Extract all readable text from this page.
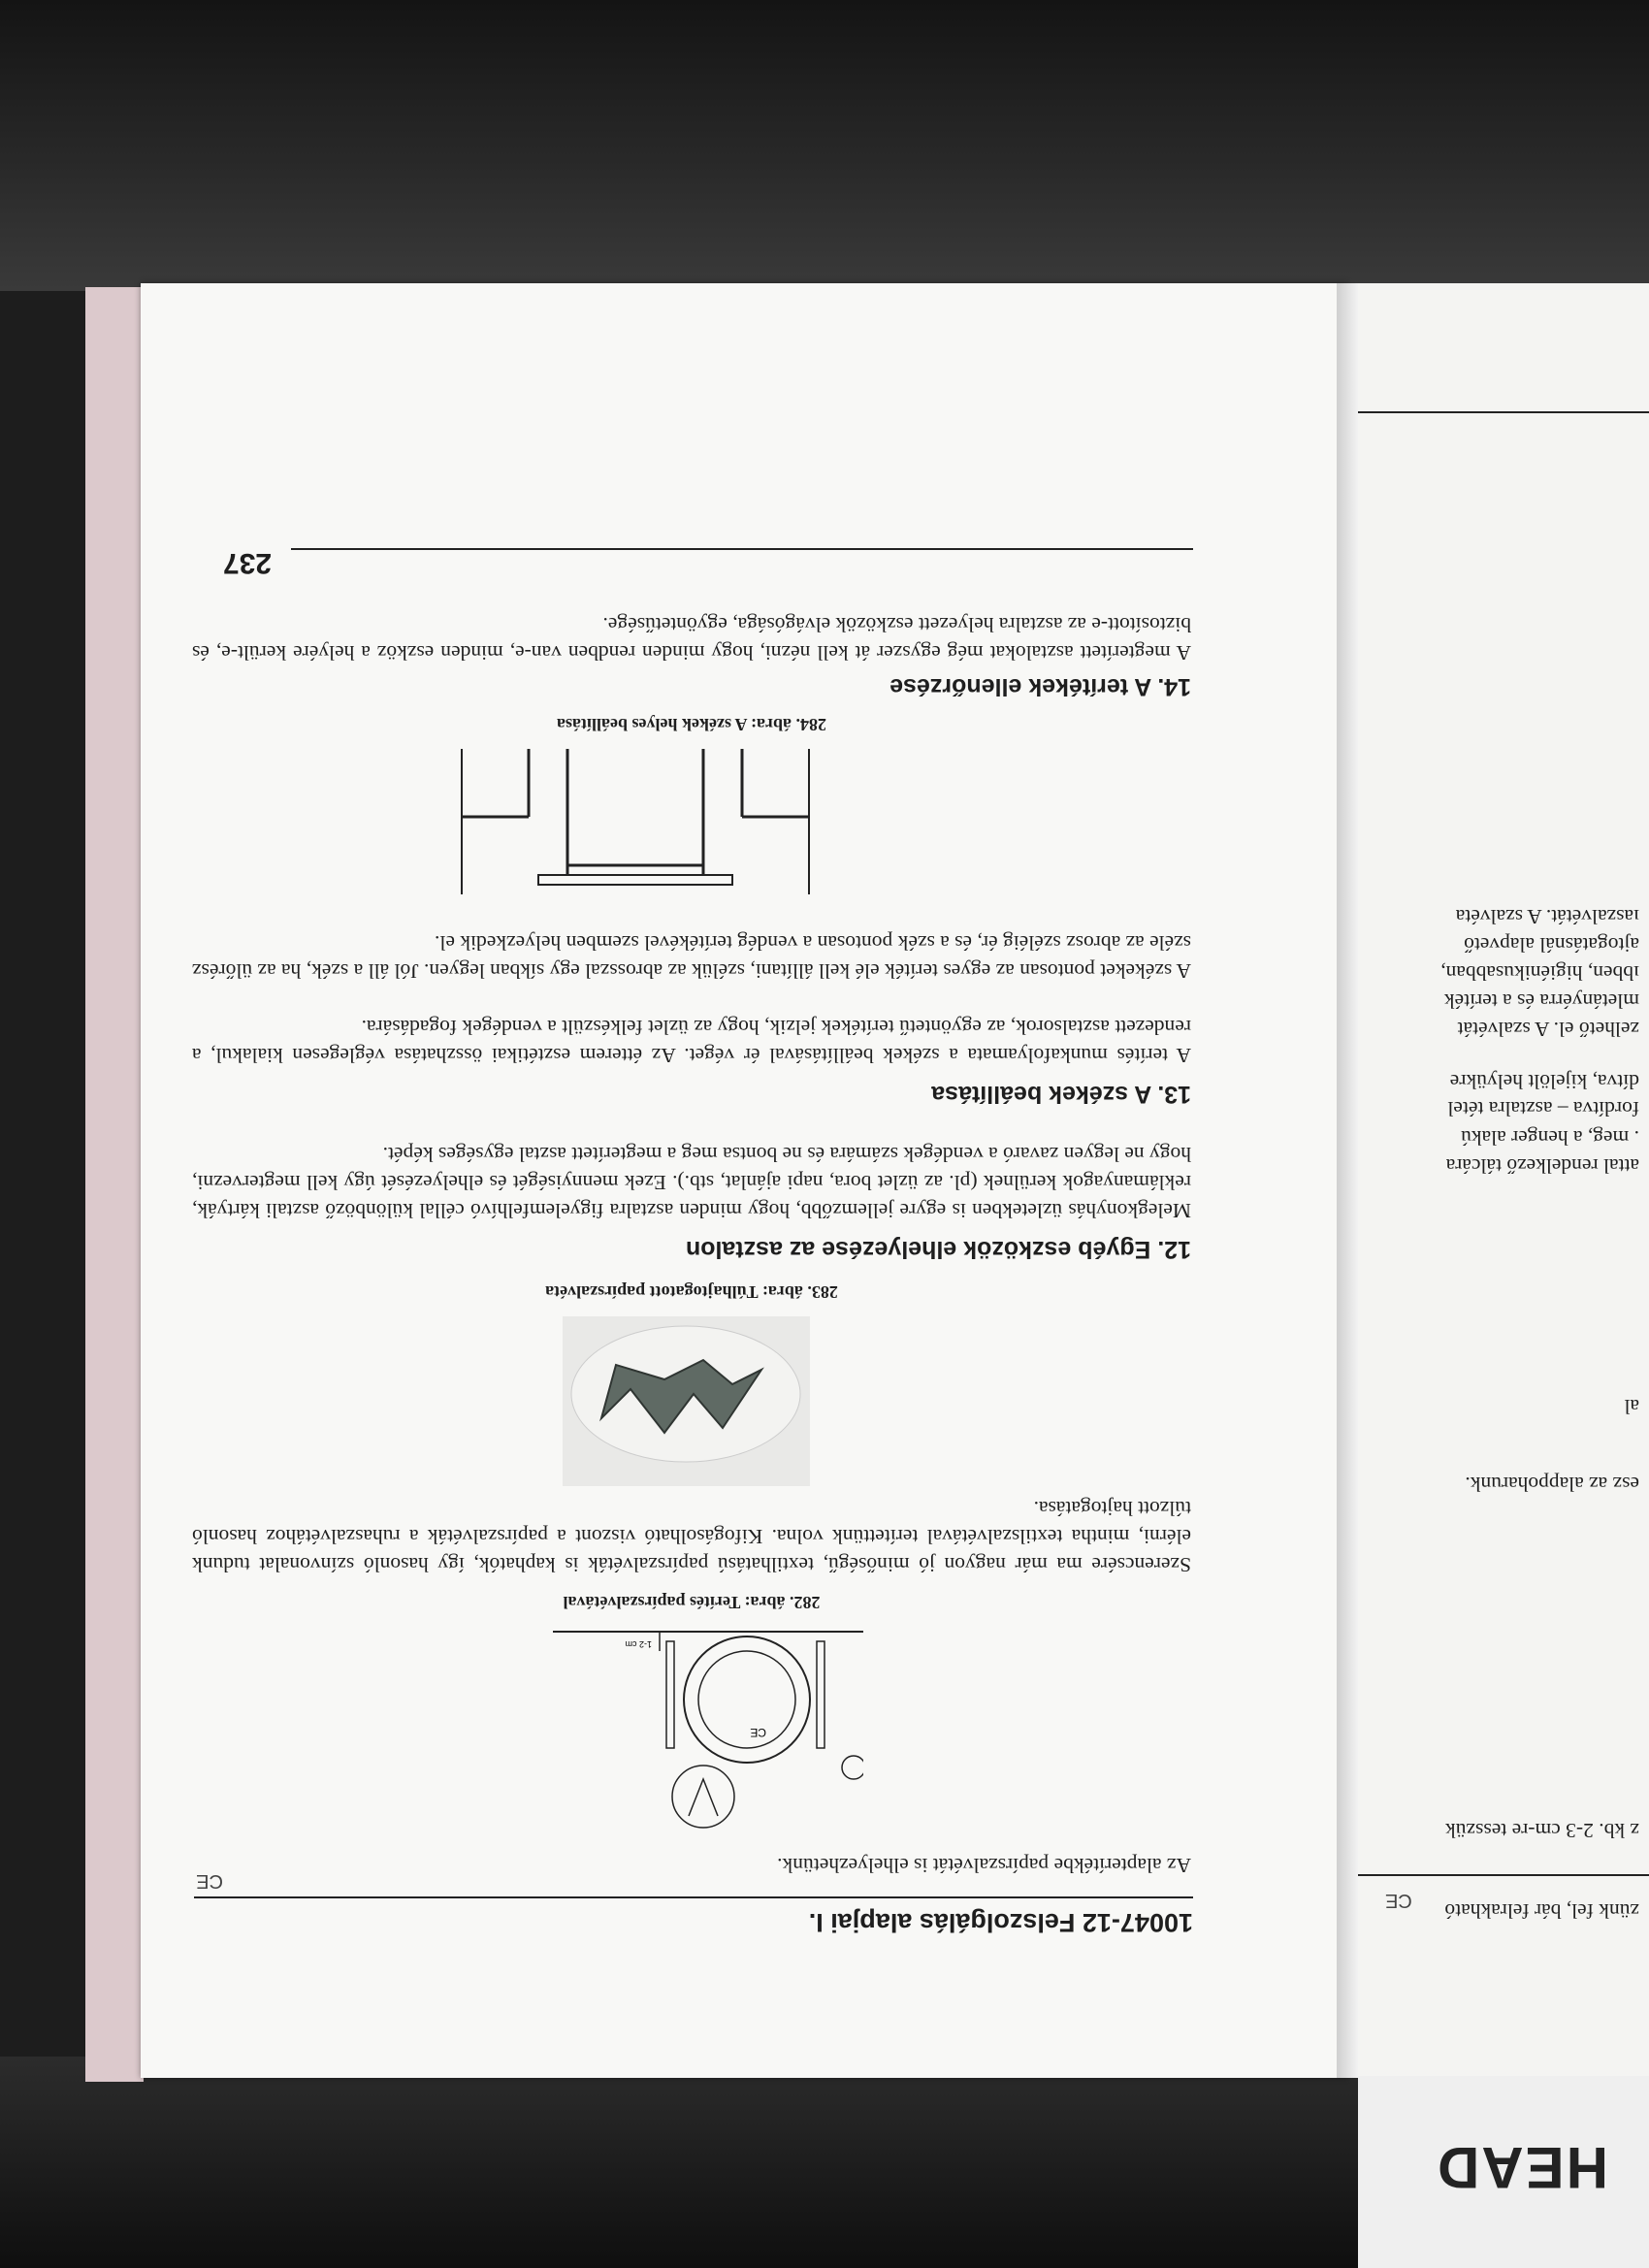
10047-12 Felszolgálás alapjai I.
CE

Az alapterítékbe papírszalvétát is elhelyezhetünk.

1-2 cm
CE
282. ábra: Terítés papírszalvétával

Szerencsére ma már nagyon jó minőségű, textilhatású papírszalvéták is kaphatók, így hasonló színvonalat tudunk elérni, mintha textilszalvétával terítettünk volna. Kifogásolható viszont a papírszalvéták a ruhaszalvétához hasonló túlzott hajtogatása.

283. ábra: Túlhajtogatott papírszalvéta
12. Egyéb eszközök elhelyezése az asztalon

Melegkonyhás üzletekben is egyre jellemzőbb, hogy minden asztalra figyelemfelhívó céllal különböző asztali kártyák, reklámanyagok kerülnek (pl. az üzlet bora, napi ajánlat, stb.). Ezek mennyiségét és elhelyezését úgy kell megtervezni, hogy ne legyen zavaró a vendégek számára és ne bontsa meg a megterített asztal egységes képét.

13. A székek beállítása

A terítés munkafolyamata a székek beállításával ér véget. Az étterem esztétikai összhatása véglegesen kialakul, a rendezett asztalsorok, az egyöntetű terítékek jelzik, hogy az üzlet felkészült a vendégek fogadására.

A székeket pontosan az egyes teríték elé kell állítani, szélük az abrosszal egy síkban legyen. Jól áll a szék, ha az ülőrész széle az abrosz széléig ér, és a szék pontosan a vendég terítékével szemben helyezkedik el.

284. ábra: A székek helyes beállítása
14. A terítékek ellenőrzése

A megterített asztalokat még egyszer át kell nézni, hogy minden rendben van-e, minden eszköz a helyére került-e, és biztosított-e az asztalra helyezett eszközök elvágósága, egyöntetűsége.

237
zünk fel, bár felrakható
z kb. 2-3 cm-re tesszük
esz az alappoharunk.
al
attal rendelkező tálcára
. meg, a henger alakú
fordítva – asztalra tétel
dítva, kijelölt helyükre
zelhető el. A szalvétát
mletányérra és a teríték
ıbben, higiénikusabban,
ajtogatásnál alapvető
ıaszalvétát. A szalvéta
CE
HEAD
